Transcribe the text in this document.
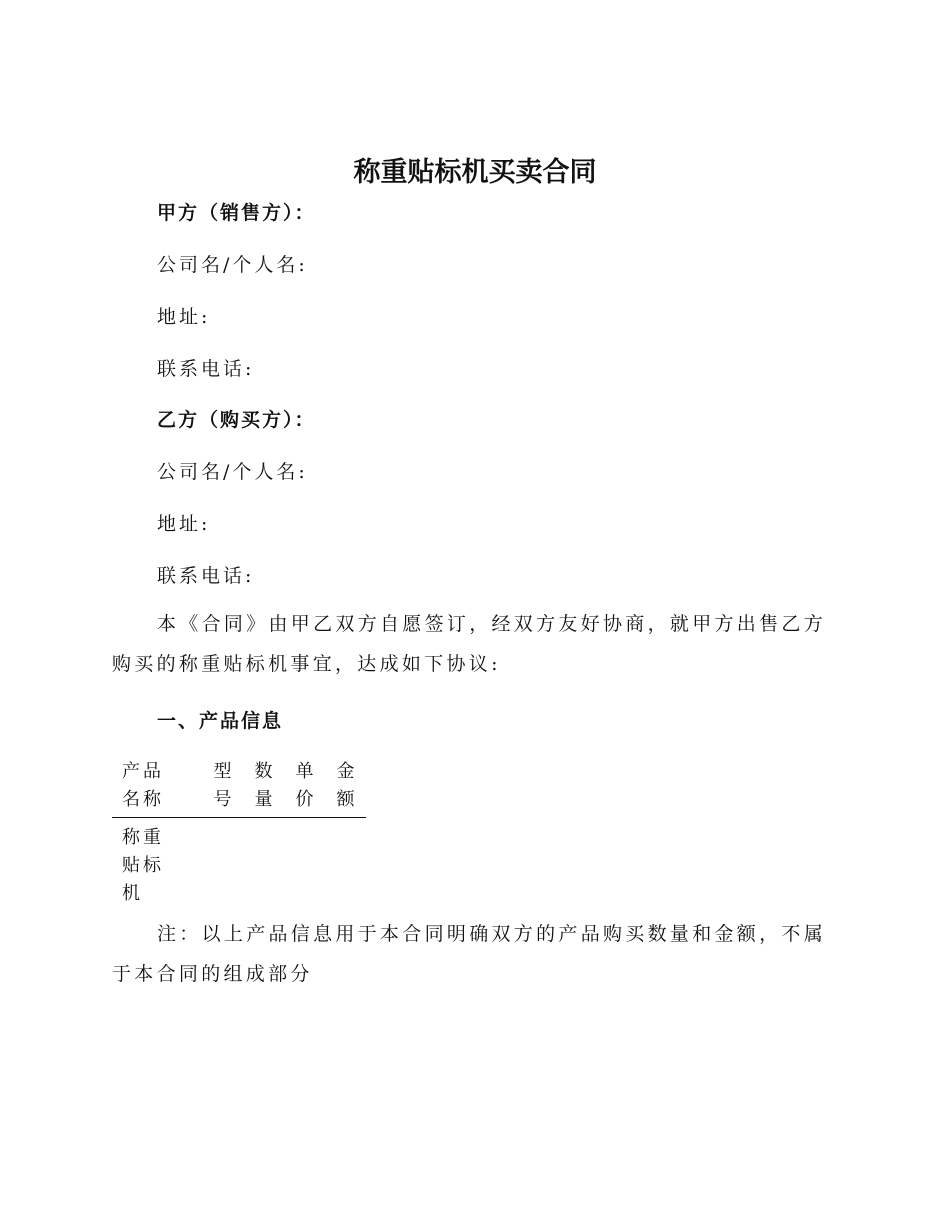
称重贴标机买卖合同
甲方（销售方）：
公司名/个人名:
地址:
联系电话:
乙方（购买方）：
公司名/个人名:
地址:
联系电话:
本《合同》由甲乙双方自愿签订，经双方友好协商，就甲方出售乙方购买的称重贴标机事宜，达成如下协议:
一、产品信息
产品名称	型号	数量	单价	金额

称重贴标机				

注：以上产品信息用于本合同明确双方的产品购买数量和金额，不属于本合同的组成部分
